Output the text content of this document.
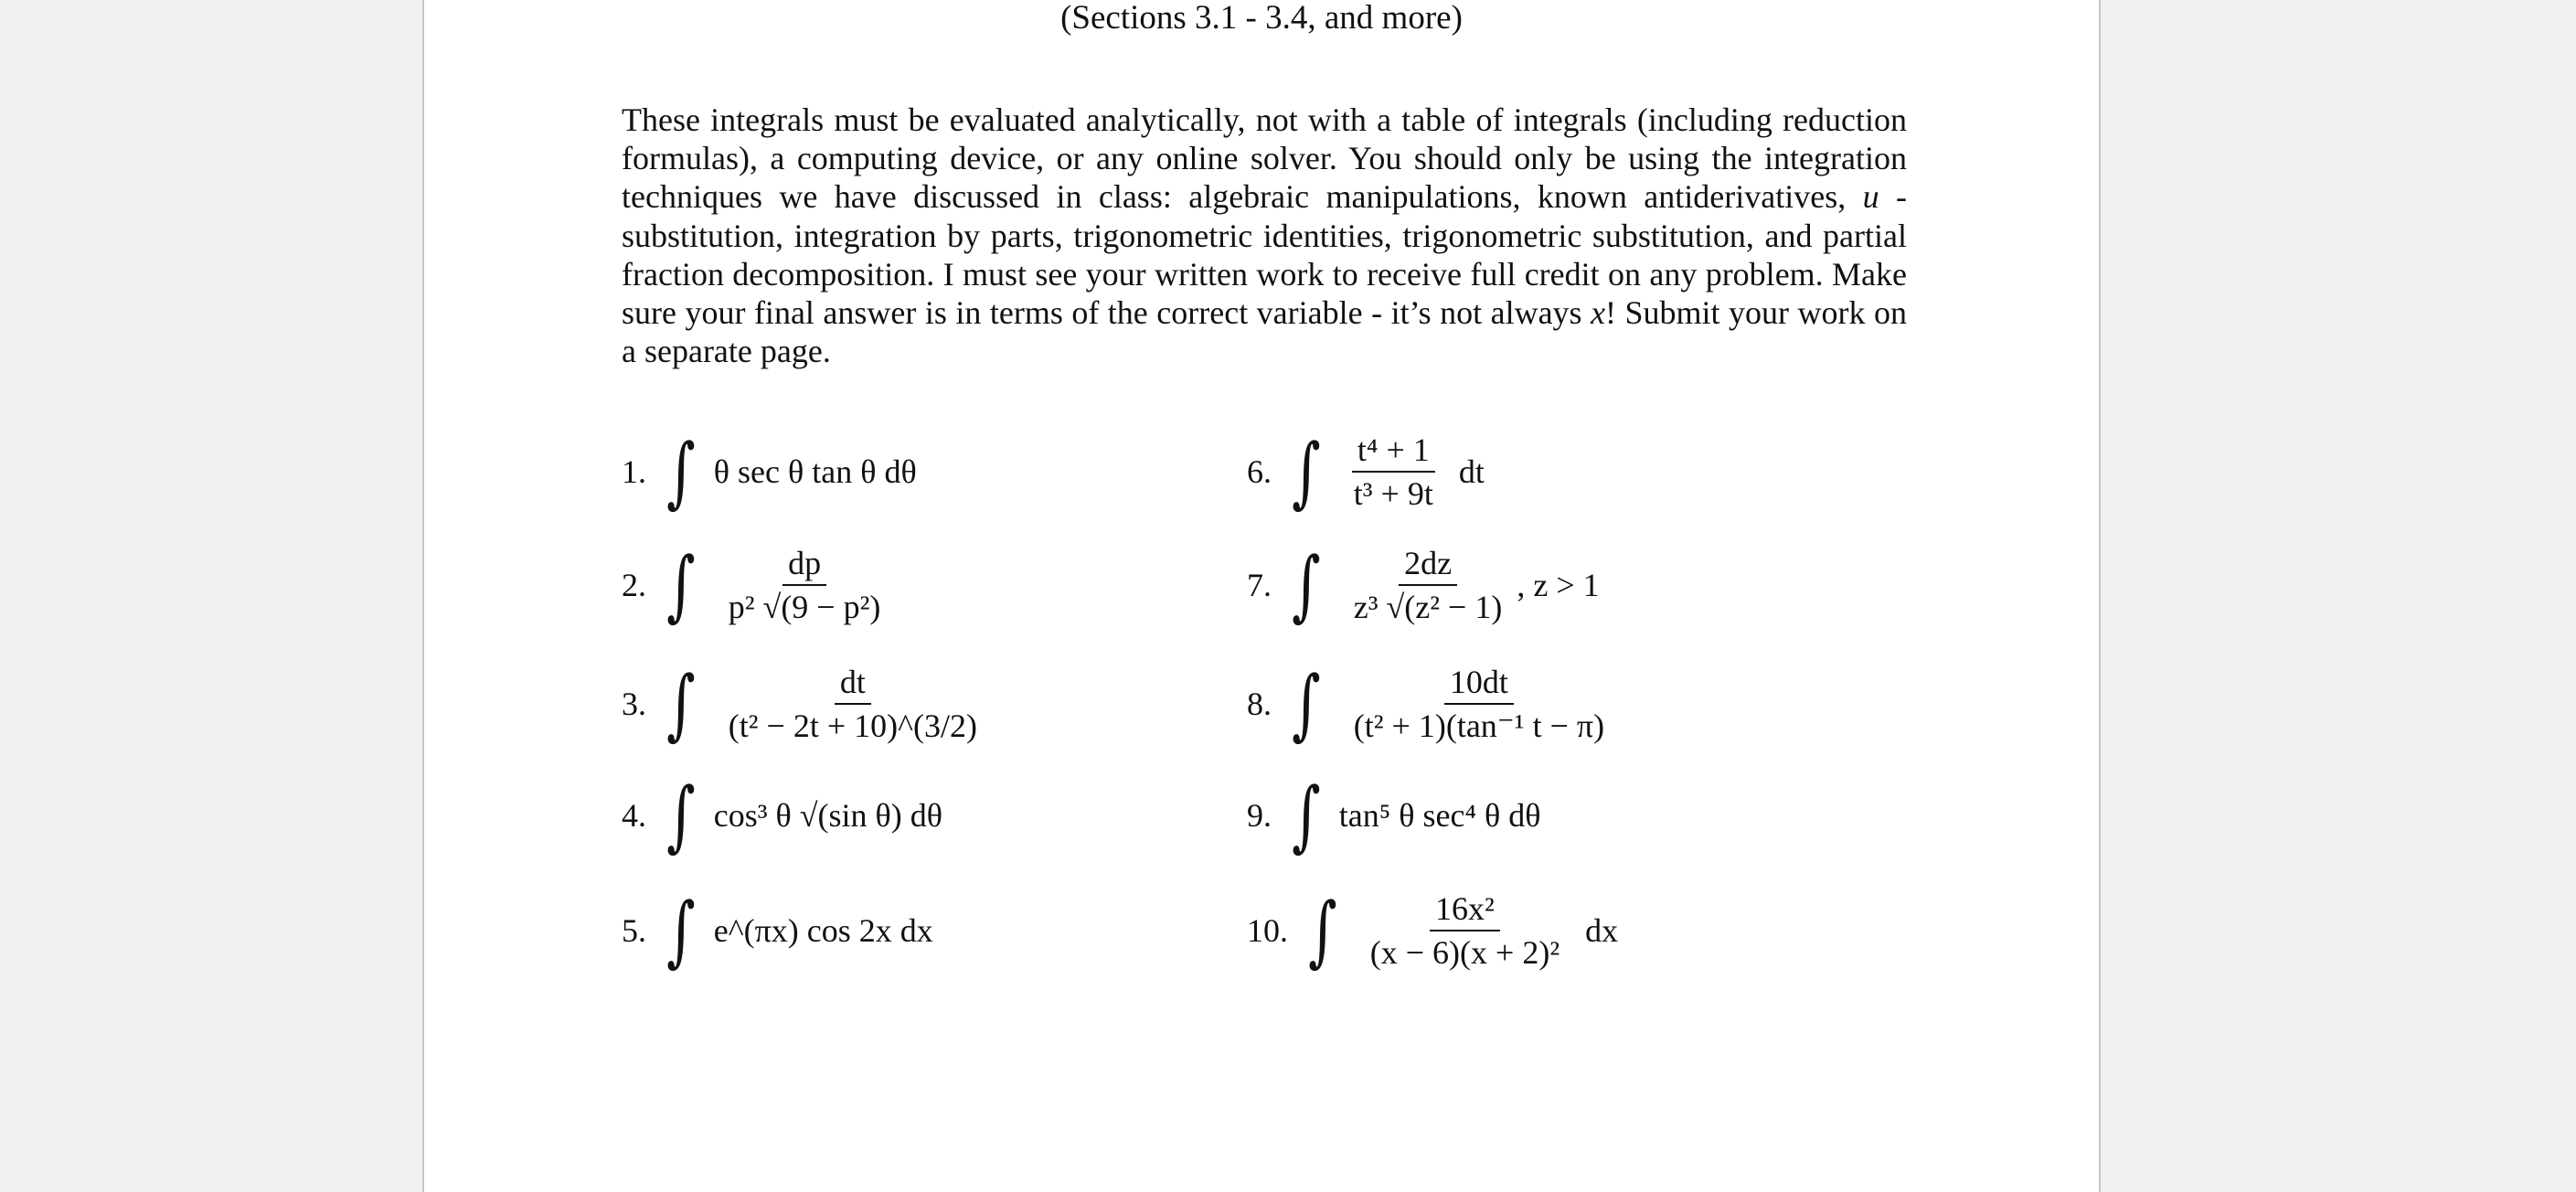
(Sections 3.1 - 3.4, and more)

These integrals must be evaluated analytically, not with a table of integrals (including reduction formulas), a computing device, or any online solver. You should only be using the integration techniques we have discussed in class: algebraic manipulations, known antiderivatives, u - substitution, integration by parts, trigonometric identities, trigonometric substitution, and partial fraction decomposition. I must see your written work to receive full credit on any problem. Make sure your final answer is in terms of the correct variable - it’s not always x! Submit your work on a separate page.

1. ∫ θ sec θ tan θ dθ
2. ∫ $\frac{dp}{\text{p² √(9 − p²)}}$
3. ∫ $\frac{dt}{\text{(t² − 2t + 10)\textasciicircum{}(3/2)}}$
4. ∫ cos³ θ √(sin θ) dθ
5. ∫ e^(πx) cos 2x dx
6. ∫ $\frac{\text{t⁴ + 1}}{\text{t³ + 9t}}$ dt
7. ∫ $\frac{2dz}{\text{z³ √(z² − 1)}}$ , z > 1
8. ∫ $\frac{10dt}{\text{(t² + 1)(tan⁻¹ t − π)}}$
9. ∫ tan⁵ θ sec⁴ θ dθ
10. ∫ $\frac{\text{16x²}}{\text{(x − 6)(x + 2)²}}$ dx
